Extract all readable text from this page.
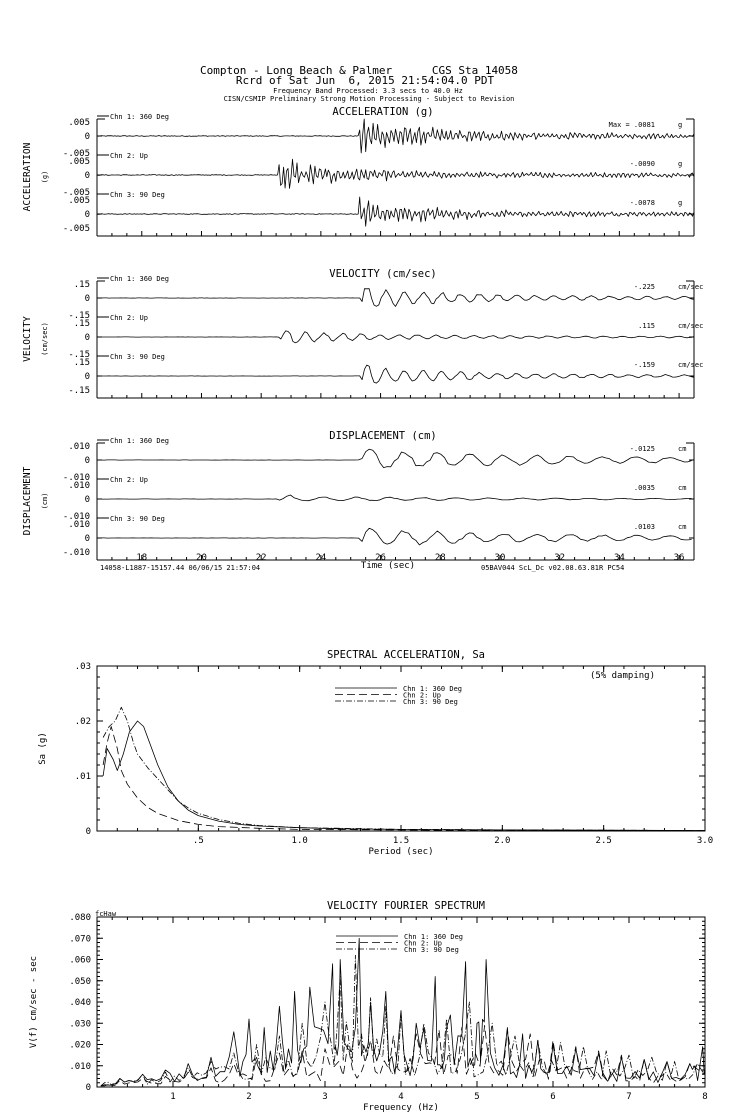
Compton - Long Beach & Palmer      CGS Sta 14058
Rcrd of Sat Jun  6, 2015 21:54:04.0 PDT
Frequency Band Processed: 3.3 secs to 40.0 Hz
CISN/CSMIP Preliminary Strong Motion Processing - Subject to Revision
ACCELERATION (g)
ACCELERATION (g)
0
.005
-.005
Chn 1: 360 Deg
Max = .0081	g
0
.005
-.005
Chn 2: Up
-.0090	g
0
.005
-.005
Chn 3: 90 Deg
-.0078	g
VELOCITY (cm/sec)
VELOCITY (cm/sec)
0
.15
-.15
Chn 1: 360 Deg
-.225	cm/sec
0
.15
-.15
Chn 2: Up
.115	cm/sec
0
.15
-.15
Chn 3: 90 Deg
-.159	cm/sec
DISPLACEMENT (cm)
DISPLACEMENT (cm)
0
.010
-.010
Chn 1: 360 Deg
-.0125	cm
0
.010
-.010
Chn 2: Up
.0035	cm
0
.010
-.010
Chn 3: 90 Deg
.0103	cm
18	20	22	24	26	28	30	32	34	36
Time (sec)
14058-L1887-15157.44 06/06/15 21:57:04	05BAV044 ScL_Dc v02.08.63.81R PC54
SPECTRAL ACCELERATION, Sa
.03
.02
.01
0
.5	1.0	1.5	2.0	2.5	3.0
Period (sec)
Sa (g)
(5% damping)
Chn 1: 360 Deg
Chn 2: Up
Chn 3: 90 Deg
VELOCITY FOURIER SPECTRUM
.080
.070
.060
.050
.040
.030
.020
.010
0
1	2	3	4	5	6	7	8
Frequency (Hz)
V(f) cm/sec - sec
fcHaw
Chn 1: 360 Deg
Chn 2: Up
Chn 3: 90 Deg
